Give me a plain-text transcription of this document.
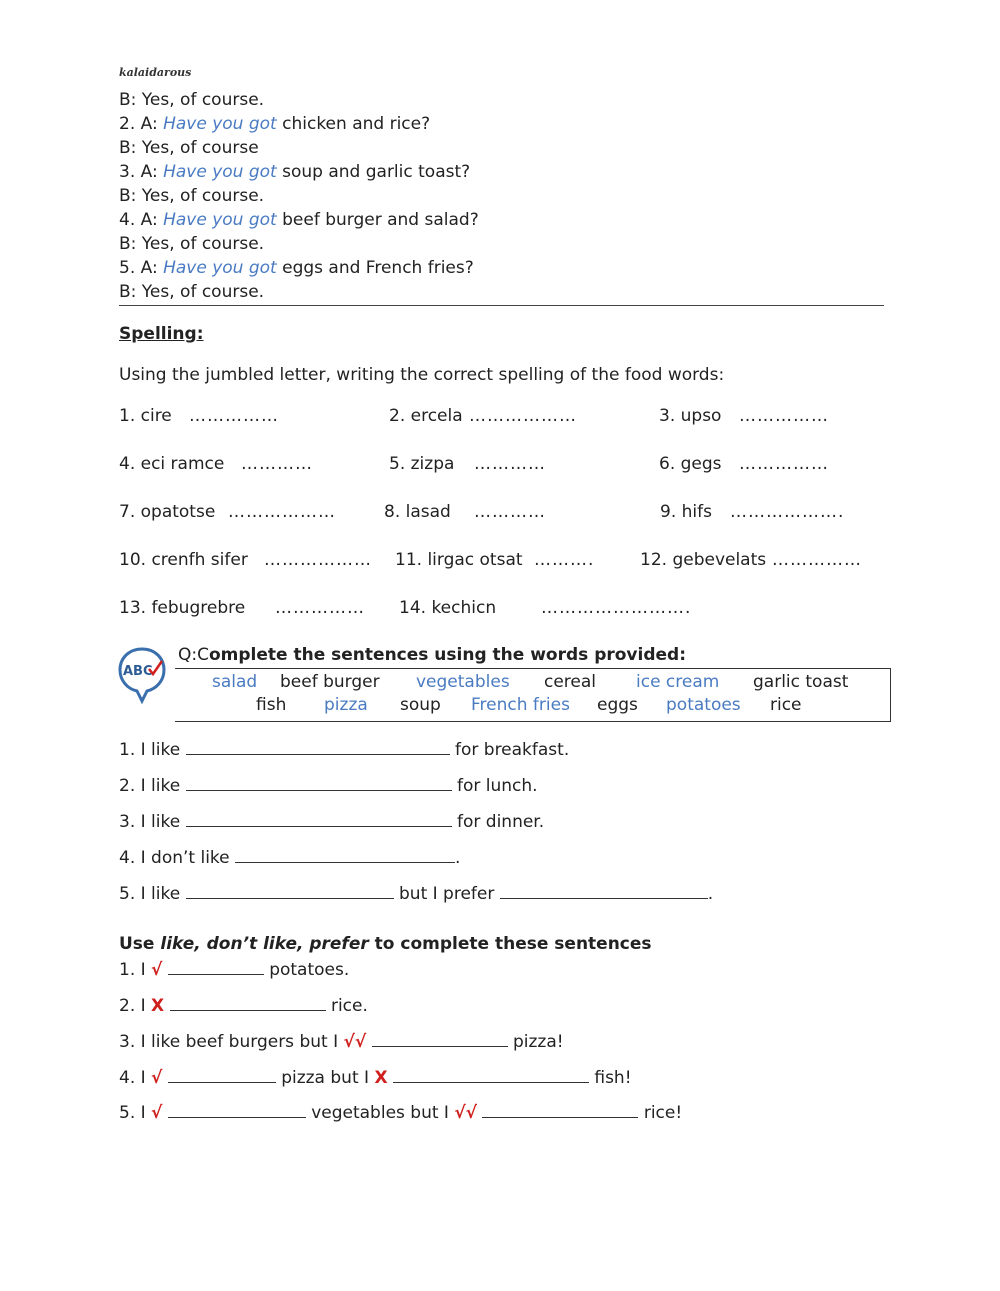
kalaidarous
B: Yes, of course.
2. A: Have you got chicken and rice?
B: Yes, of course
3. A: Have you got soup and garlic toast?
B: Yes, of course.
4. A: Have you got beef burger and salad?
B: Yes, of course.
5. A: Have you got eggs and French fries?
B: Yes, of course.
Spelling:
Using the jumbled letter, writing the correct spelling of the food words:
1. cire ……………	2. ercela ………………	3. upso ……………
4. eci ramce …………	5. zizpa …………	6. gegs ……………
7. opatotse ………………	8. lasad …………	9. hifs ……………….
10. crenfh sifer ……………… 11. lirgac otsat ……….	12. gebevelats ……………
13. febugrebre …………… 14. kechicn	…………………….
ABC
Q:Complete the sentences using the words provided:
salad beef burger vegetables cereal ice cream garlic toast
fish pizza soup French fries eggs potatoes rice
1. I like	for breakfast.
2. I like	for lunch.
3. I like	for dinner.
4. I don’t like	.
5. I like	but I prefer	.
Use like, don’t like, prefer to complete these sentences
1. I √	potatoes.
2. I X	rice.
3. I like beef burgers but I √√	pizza!
4. I √	pizza but I X	fish!
5. I √	vegetables but I √√	rice!
